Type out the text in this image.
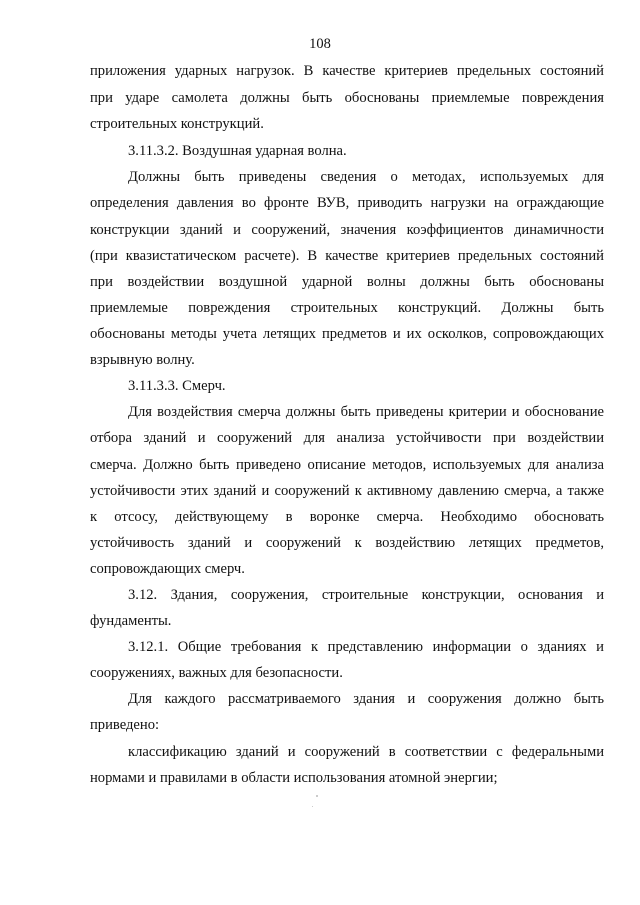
108
приложения ударных нагрузок. В качестве критериев предельных состояний
при ударе самолета должны быть обоснованы приемлемые повреждения
строительных конструкций.
3.11.3.2. Воздушная ударная волна.
Должны быть приведены сведения о методах, используемых для
определения давления во фронте ВУВ, приводить нагрузки на ограждающие
конструкции зданий и сооружений, значения коэффициентов динамичности
(при квазистатическом расчете). В качестве критериев предельных состояний
при воздействии воздушной ударной волны должны быть обоснованы
приемлемые повреждения строительных конструкций. Должны быть
обоснованы методы учета летящих предметов и их осколков, сопровождающих
взрывную волну.
3.11.3.3. Смерч.
Для воздействия смерча должны быть приведены критерии и обоснование
отбора зданий и сооружений для анализа устойчивости при воздействии
смерча. Должно быть приведено описание методов, используемых для анализа
устойчивости этих зданий и сооружений к активному давлению смерча, а также
к отсосу, действующему в воронке смерча. Необходимо обосновать
устойчивость зданий и сооружений к воздействию летящих предметов,
сопровождающих смерч.
3.12. Здания, сооружения, строительные конструкции, основания и
фундаменты.
3.12.1. Общие требования к представлению информации о зданиях и
сооружениях, важных для безопасности.
Для каждого рассматриваемого здания и сооружения должно быть
приведено:
классификацию зданий и сооружений в соответствии с федеральными
нормами и правилами в области использования атомной энергии;
